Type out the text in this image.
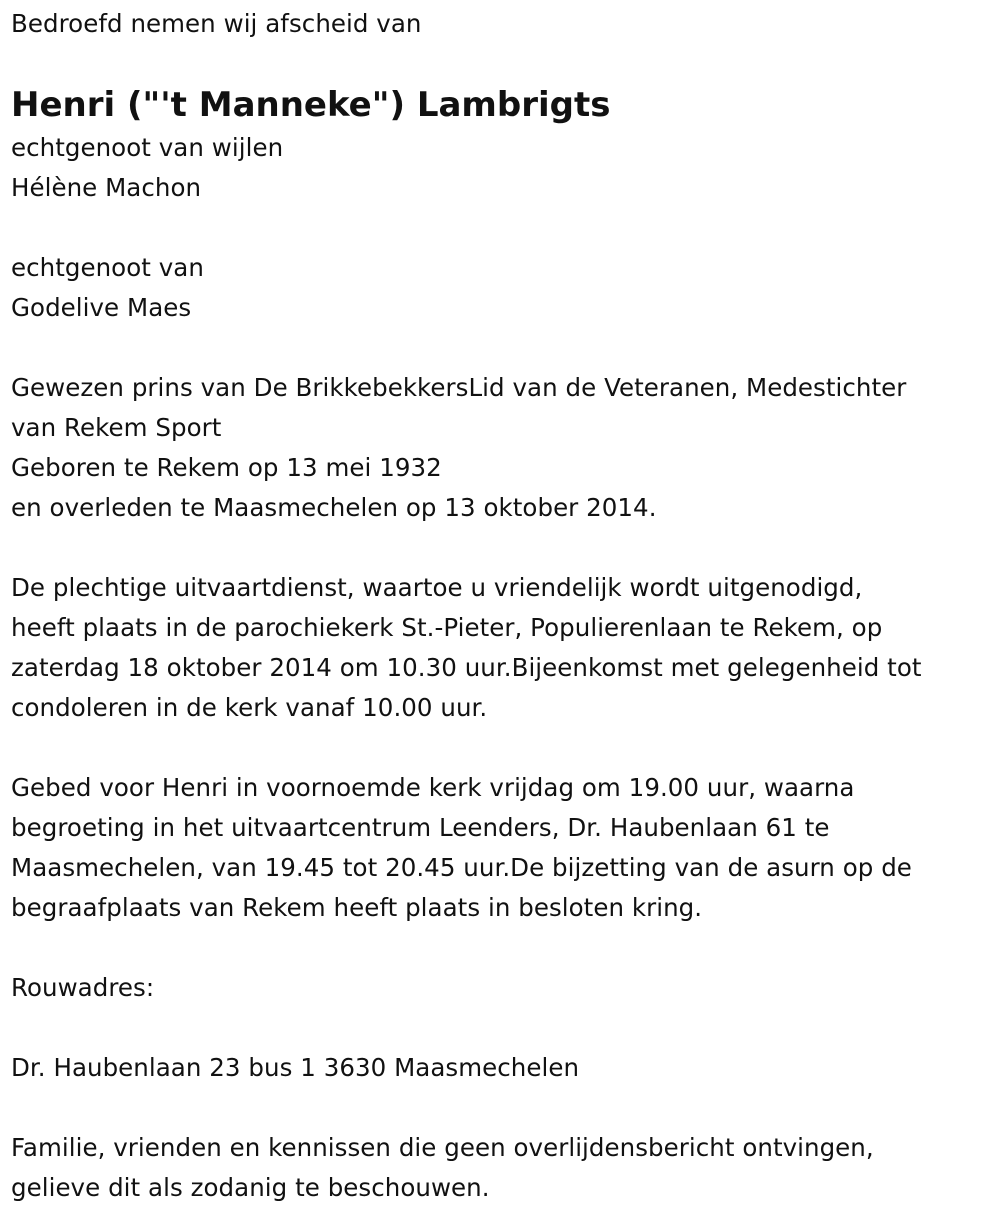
Bedroefd nemen wij afscheid van
Henri ("'t Manneke") Lambrigts
echtgenoot van wijlen
Hélène Machon
echtgenoot van
Godelive Maes
Gewezen prins van De BrikkebekkersLid van de Veteranen, Medestichter
van Rekem Sport
Geboren te Rekem op 13 mei 1932
en overleden te Maasmechelen op 13 oktober 2014.
De plechtige uitvaartdienst, waartoe u vriendelijk wordt uitgenodigd,
heeft plaats in de parochiekerk St.-Pieter, Populierenlaan te Rekem, op
zaterdag 18 oktober 2014 om 10.30 uur.Bijeenkomst met gelegenheid tot
condoleren in de kerk vanaf 10.00 uur.
Gebed voor Henri in voornoemde kerk vrijdag om 19.00 uur, waarna
begroeting in het uitvaartcentrum Leenders, Dr. Haubenlaan 61 te
Maasmechelen, van 19.45 tot 20.45 uur.De bijzetting van de asurn op de
begraafplaats van Rekem heeft plaats in besloten kring.
Rouwadres:
Dr. Haubenlaan 23 bus 1 3630 Maasmechelen
Familie, vrienden en kennissen die geen overlijdensbericht ontvingen,
gelieve dit als zodanig te beschouwen.
